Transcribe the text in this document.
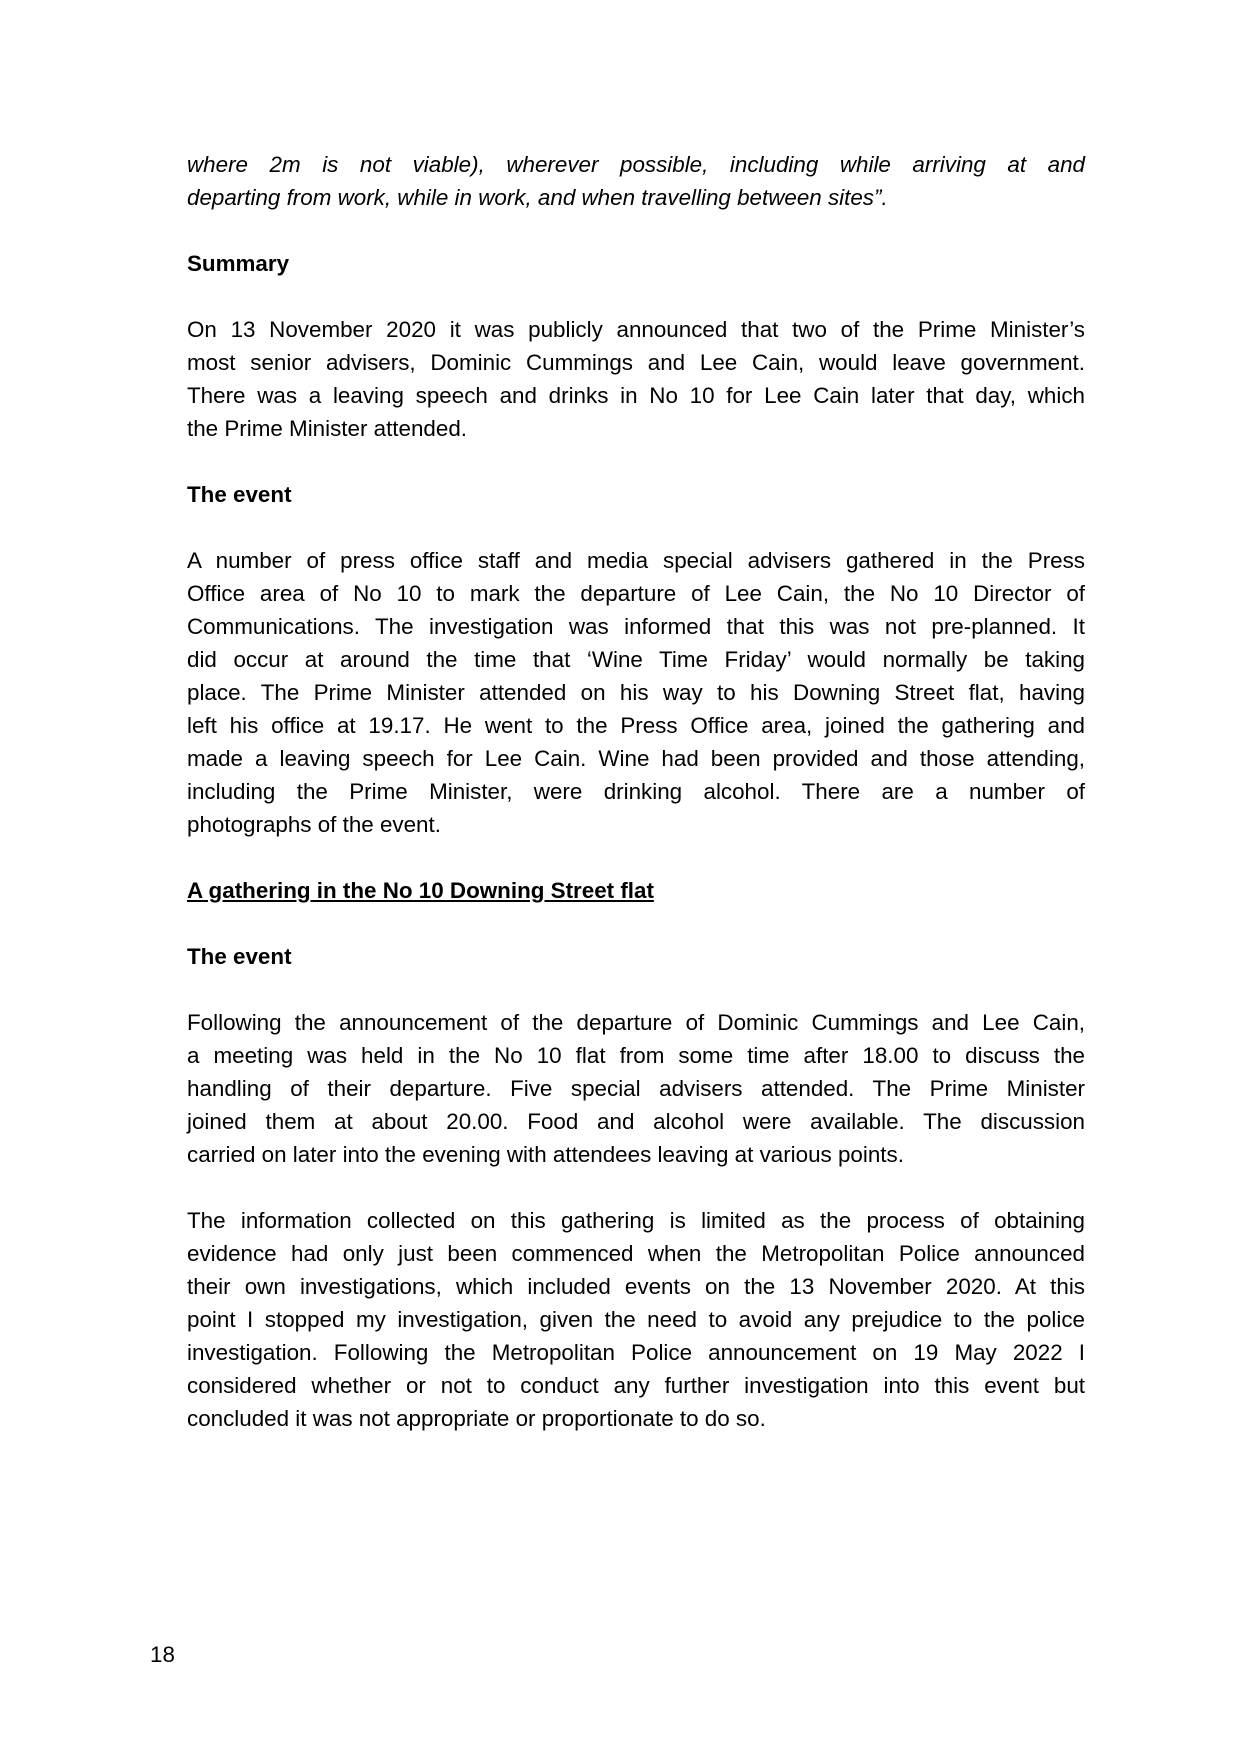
where 2m is not viable), wherever possible, including while arriving at and
departing from work, while in work, and when travelling between sites”.

Summary

On 13 November 2020 it was publicly announced that two of the Prime Minister’s
most senior advisers, Dominic Cummings and Lee Cain, would leave government.
There was a leaving speech and drinks in No 10 for Lee Cain later that day, which
the Prime Minister attended.

The event

A number of press office staff and media special advisers gathered in the Press
Office area of No 10 to mark the departure of Lee Cain, the No 10 Director of
Communications. The investigation was informed that this was not pre-planned. It
did occur at around the time that ‘Wine Time Friday’ would normally be taking
place. The Prime Minister attended on his way to his Downing Street flat, having
left his office at 19.17. He went to the Press Office area, joined the gathering and
made a leaving speech for Lee Cain. Wine had been provided and those attending,
including the Prime Minister, were drinking alcohol. There are a number of
photographs of the event.

A gathering in the No 10 Downing Street flat
The event

Following the announcement of the departure of Dominic Cummings and Lee Cain,
a meeting was held in the No 10 flat from some time after 18.00 to discuss the
handling of their departure. Five special advisers attended. The Prime Minister
joined them at about 20.00. Food and alcohol were available. The discussion
carried on later into the evening with attendees leaving at various points.

The information collected on this gathering is limited as the process of obtaining
evidence had only just been commenced when the Metropolitan Police announced
their own investigations, which included events on the 13 November 2020. At this
point I stopped my investigation, given the need to avoid any prejudice to the police
investigation. Following the Metropolitan Police announcement on 19 May 2022 I
considered whether or not to conduct any further investigation into this event but
concluded it was not appropriate or proportionate to do so.

18
